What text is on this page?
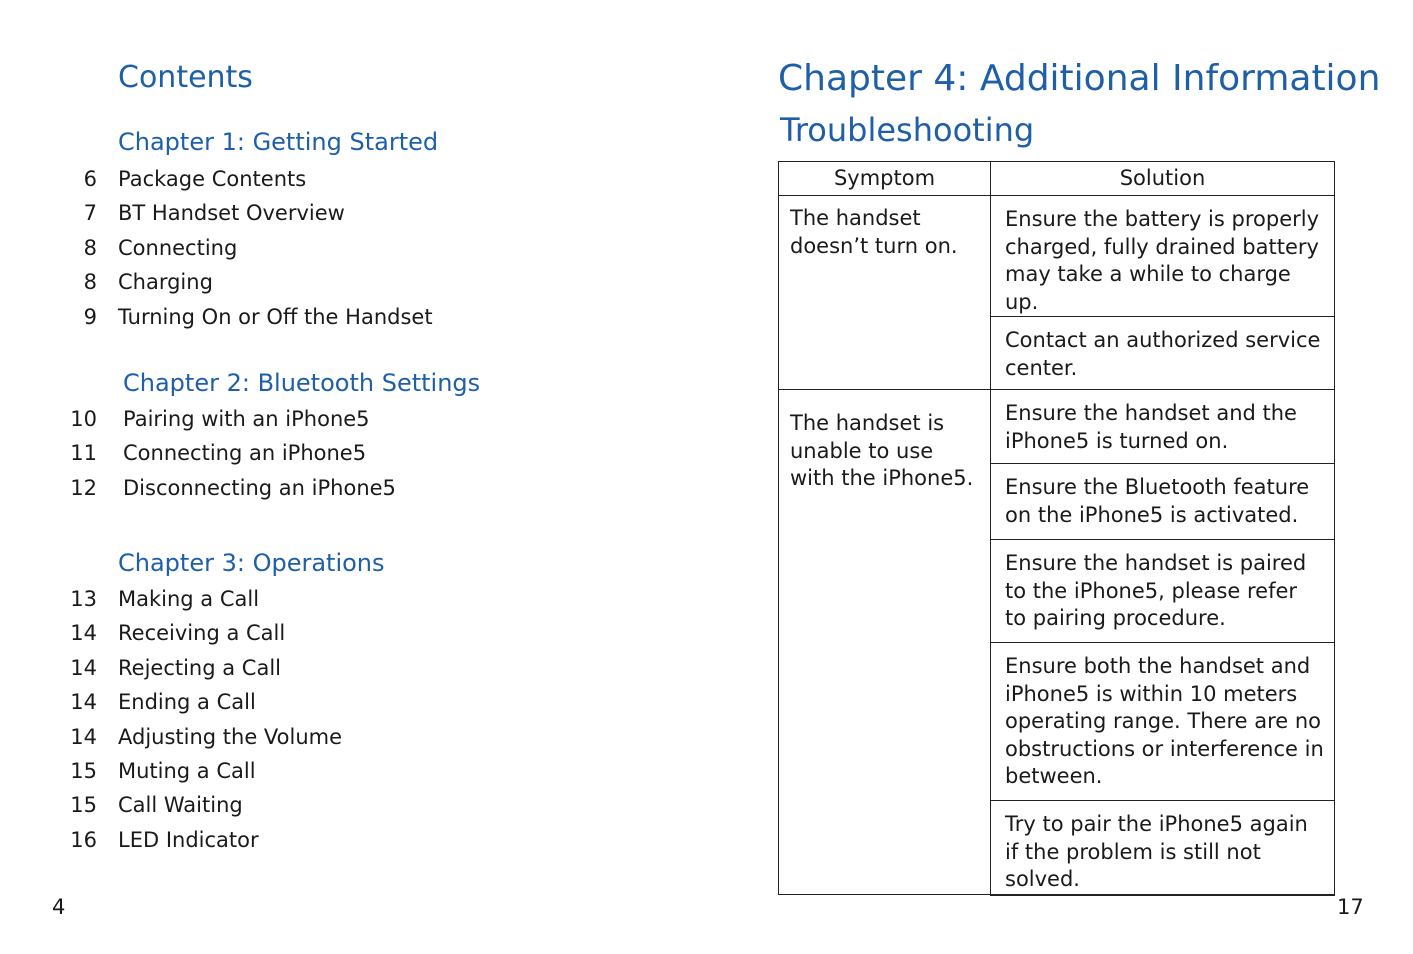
Contents
Chapter 1: Getting Started
6 Package Contents
7 BT Handset Overview
8 Connecting
8 Charging
9 Turning On or Off the Handset
Chapter 2: Bluetooth Settings
10 Pairing with an iPhone5
11 Connecting an iPhone5
12 Disconnecting an iPhone5
Chapter 3: Operations
13 Making a Call
14 Receiving a Call
14 Rejecting a Call
14 Ending a Call
14 Adjusting the Volume
15 Muting a Call
15 Call Waiting
16 LED Indicator
4
Chapter 4: Additional Information
Troubleshooting
Symptom	Solution
The handset doesn’t turn on.	Ensure the battery is properly charged, fully drained battery may take a while to charge up.
	Contact an authorized service center.
The handset is unable to use with the iPhone5.	Ensure the handset and the iPhone5 is turned on.
	Ensure the Bluetooth feature on the iPhone5 is activated.
	Ensure the handset is paired to the iPhone5, please refer to pairing procedure.
	Ensure both the handset and iPhone5 is within 10 meters operating range. There are no obstructions or interference in between.
	Try to pair the iPhone5 again if the problem is still not solved.
17
